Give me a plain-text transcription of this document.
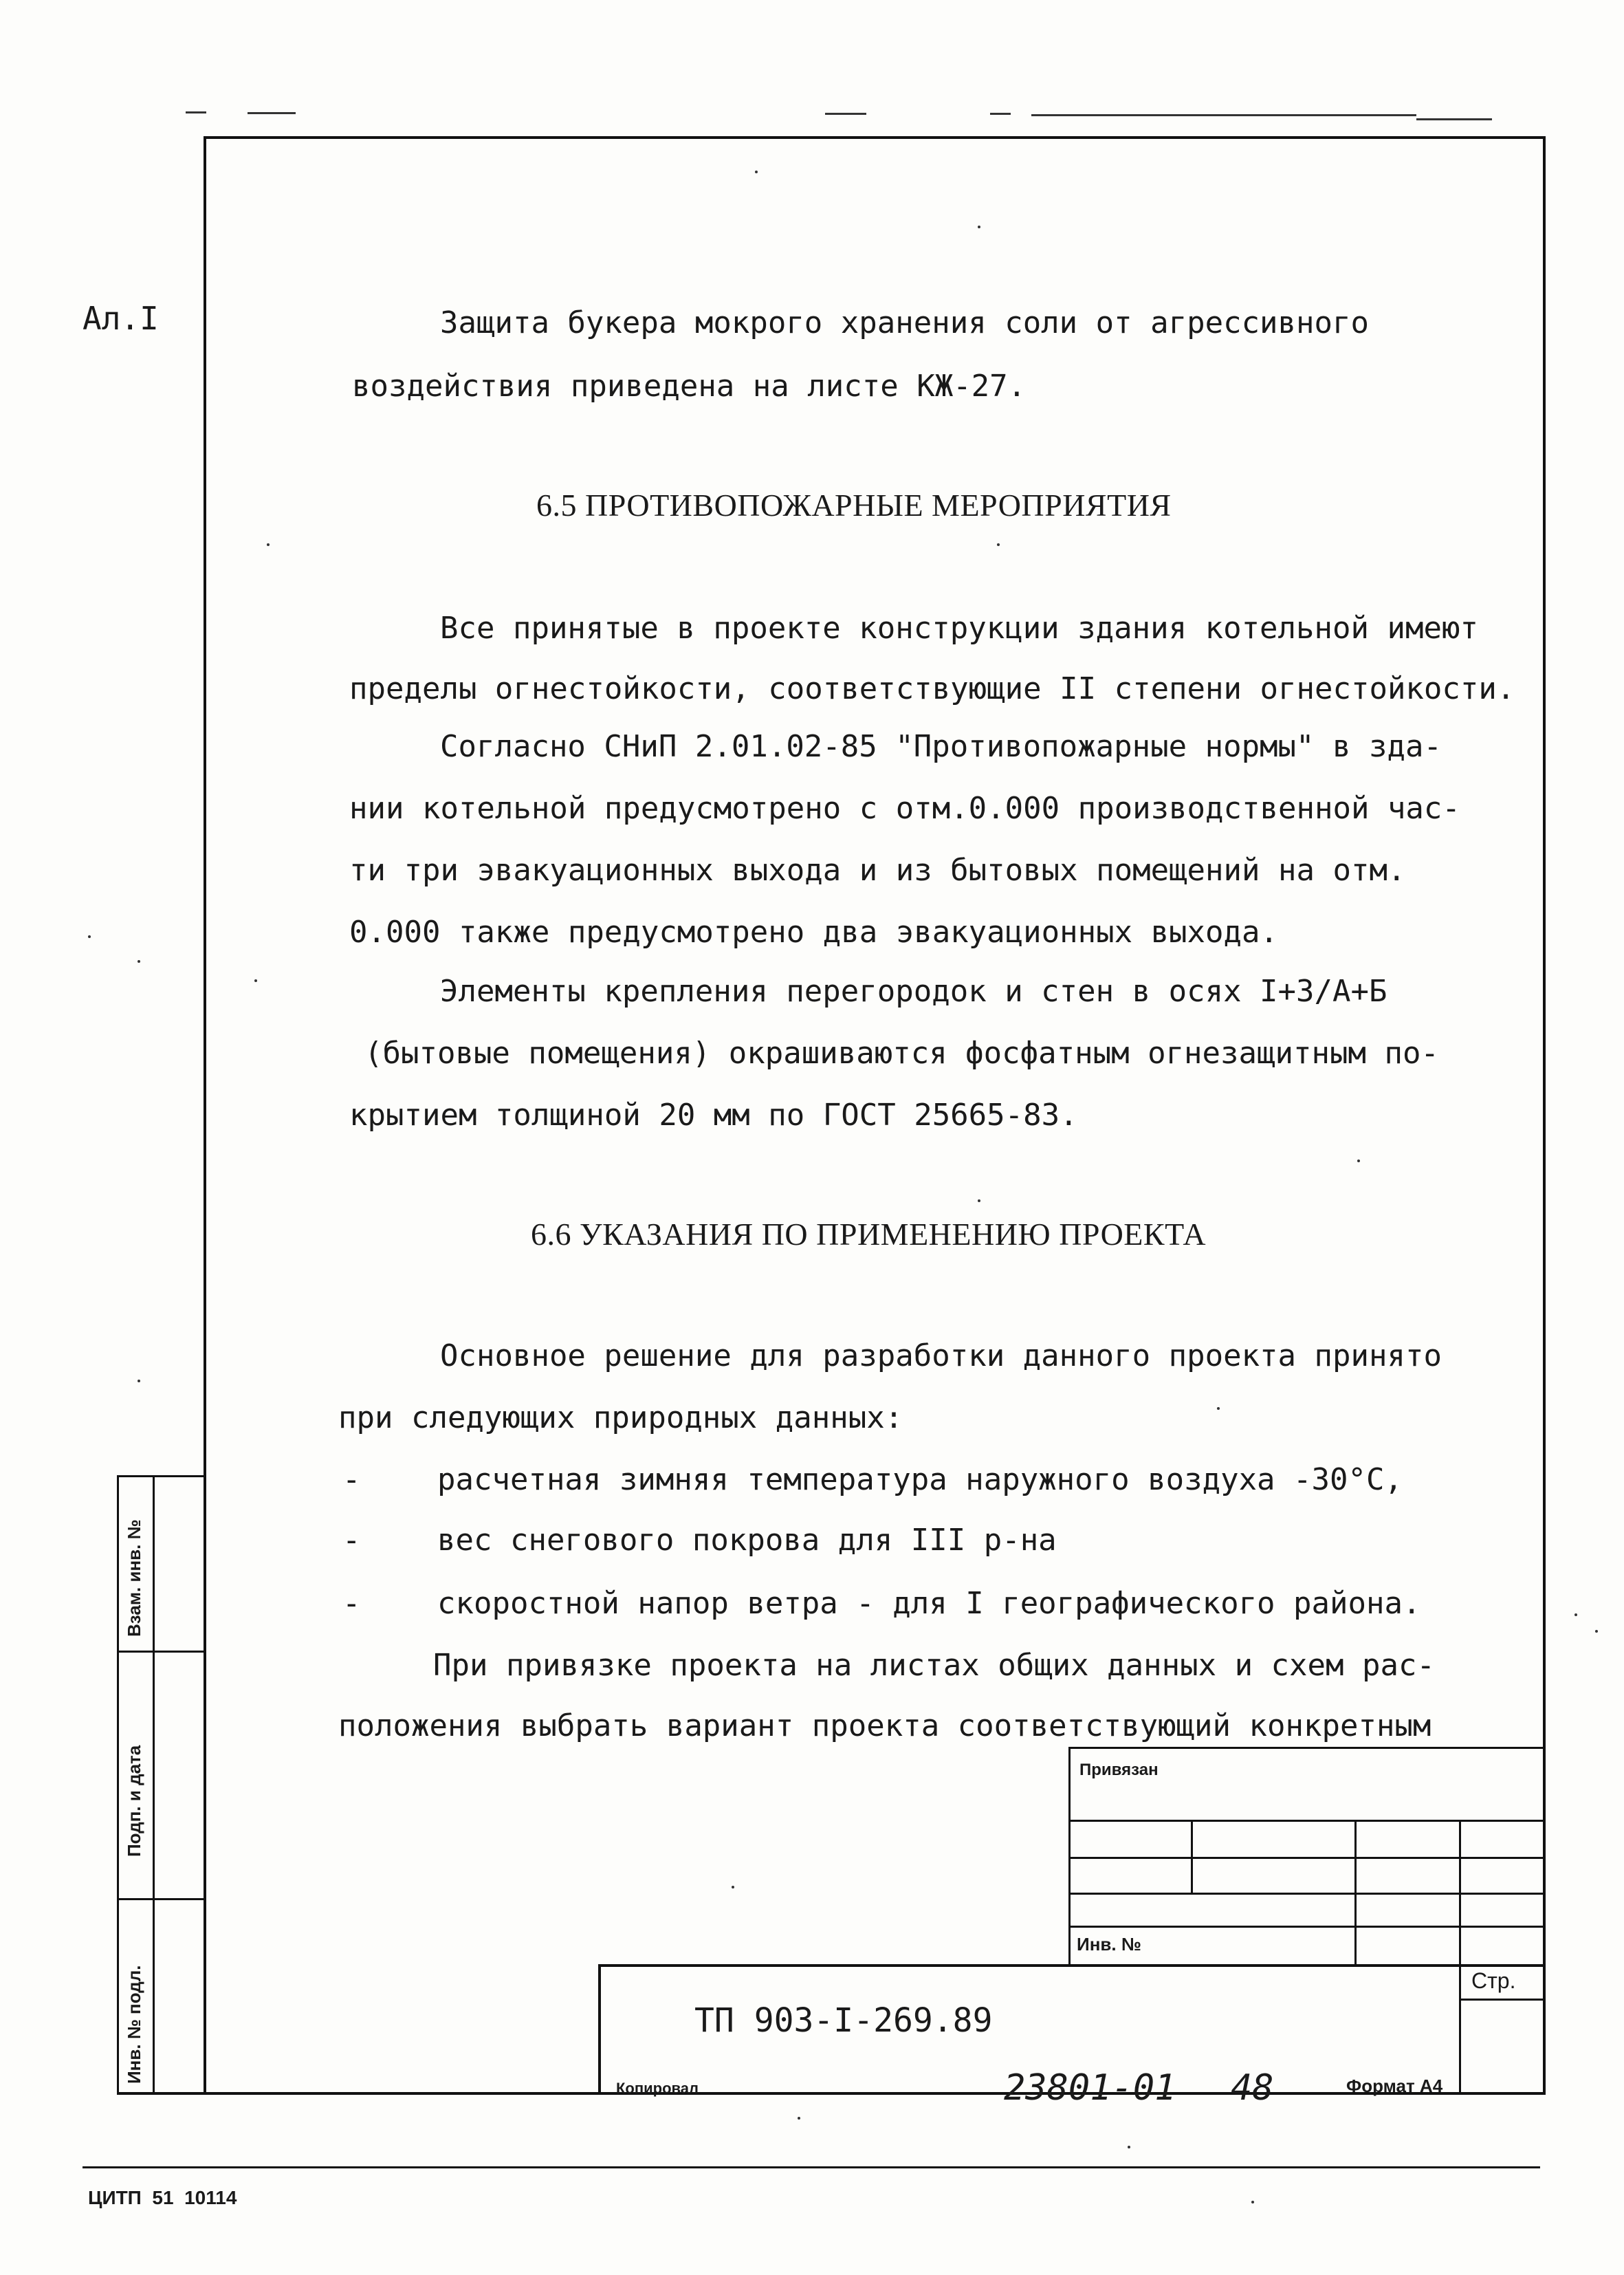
Ал.I	Защита букера мокрого хранения соли от агрессивного
воздействия приведена на листе КЖ-27.
6.5 ПРОТИВОПОЖАРНЫЕ МЕРОПРИЯТИЯ
Все принятые в проекте конструкции здания котельной имеют
пределы огнестойкости, соответствующие II степени огнестойкости.
Согласно СНиП 2.01.02-85 "Противопожарные нормы" в зда-
нии котельной предусмотрено с отм.0.000 производственной час-
ти три эвакуационных выхода и из бытовых помещений на отм.
0.000 также предусмотрено два эвакуационных выхода.
Элементы крепления перегородок и стен в осях I+3/А+Б
(бытовые помещения) окрашиваются фосфатным огнезащитным по-
крытием толщиной 20 мм по ГОСТ 25665-83.
6.6 УКАЗАНИЯ ПО ПРИМЕНЕНИЮ ПРОЕКТА
Основное решение для разработки данного проекта принято
при следующих природных данных:
-	расчетная зимняя температура наружного воздуха -30°С,
-	вес снегового покрова для III р-на
-	скоростной напор ветра - для I географического района.
При привязке проекта на листах общих данных и схем рас-
положения выбрать вариант проекта соответствующий конкретным
Взам. инв. №
Подп. и дата
Инв. № подл.
Привязан
Инв. №
Стр.
ТП 903-I-269.89
Копировал	23801-01 48	Формат А4
ЦИТП  51  10114
